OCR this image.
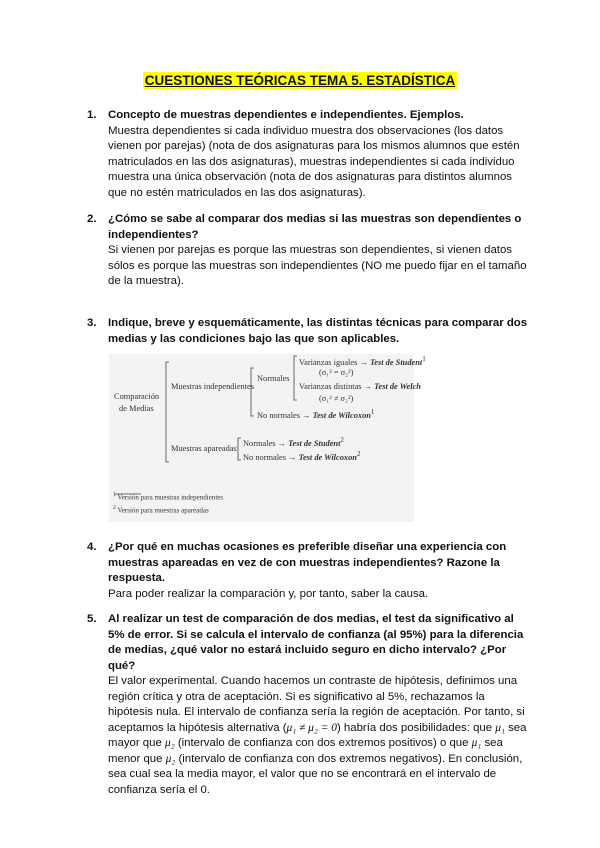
CUESTIONES TEÓRICAS TEMA 5. ESTADÍSTICA
1.	Concepto de muestras dependientes e independientes. Ejemplos.
Muestra dependientes si cada individuo muestra dos observaciones (los datos vienen por parejas) (nota de dos asignaturas para los mismos alumnos que estén matriculados en las dos asignaturas), muestras independientes si cada individuo muestra una única observación (nota de dos asignaturas para distintos alumnos que no estén matriculados en las dos asignaturas).
2.	¿Cómo se sabe al comparar dos medias si las muestras son dependientes o independientes?
Si vienen por parejas es porque las muestras son dependientes, si vienen datos sólos es porque las muestras son independientes (NO me puedo fijar en el tamaño de la muestra).
3.	Indique, breve y esquemáticamente, las distintas técnicas para comparar dos medias y las condiciones bajo las que son aplicables.
Comparación
de Medias
Muestras independientes
Normales
Varianzas iguales → Test de Student$^1$
(σ₁² = σ₂²)
Varianzas distintas → Test de Welch
(σ₁² ≠ σ₂²)
No normales → Test de Wilcoxon$^1$
Muestras apareadas
Normales → Test de Student$^2$
No normales → Test de Wilcoxon$^2$
$^1$ Versión para muestras independientes
$^2$ Versión para muestras apareadas
4.	¿Por qué en muchas ocasiones es preferible diseñar una experiencia con muestras apareadas en vez de con muestras independientes? Razone la respuesta.
Para poder realizar la comparación y, por tanto, saber la causa.
5.	Al realizar un test de comparación de dos medias, el test da significativo al 5% de error. Si se calcula el intervalo de confianza (al 95%) para la diferencia de medias, ¿qué valor no estará incluido seguro en dicho intervalo? ¿Por qué?
El valor experimental. Cuando hacemos un contraste de hipótesis, definimos una región crítica y otra de aceptación. Si es significativo al 5%, rechazamos la hipótesis nula. El intervalo de confianza sería la región de aceptación. Por tanto, si aceptamos la hipótesis alternativa (μ₁ ≠ μ₂ = 0) habría dos posibilidades: que μ₁ sea mayor que μ₂ (intervalo de confianza con dos extremos positivos) o que μ₁ sea menor que μ₂ (intervalo de confianza con dos extremos negativos). En conclusión, sea cual sea la media mayor, el valor que no se encontrará en el intervalo de confianza sería el 0.
